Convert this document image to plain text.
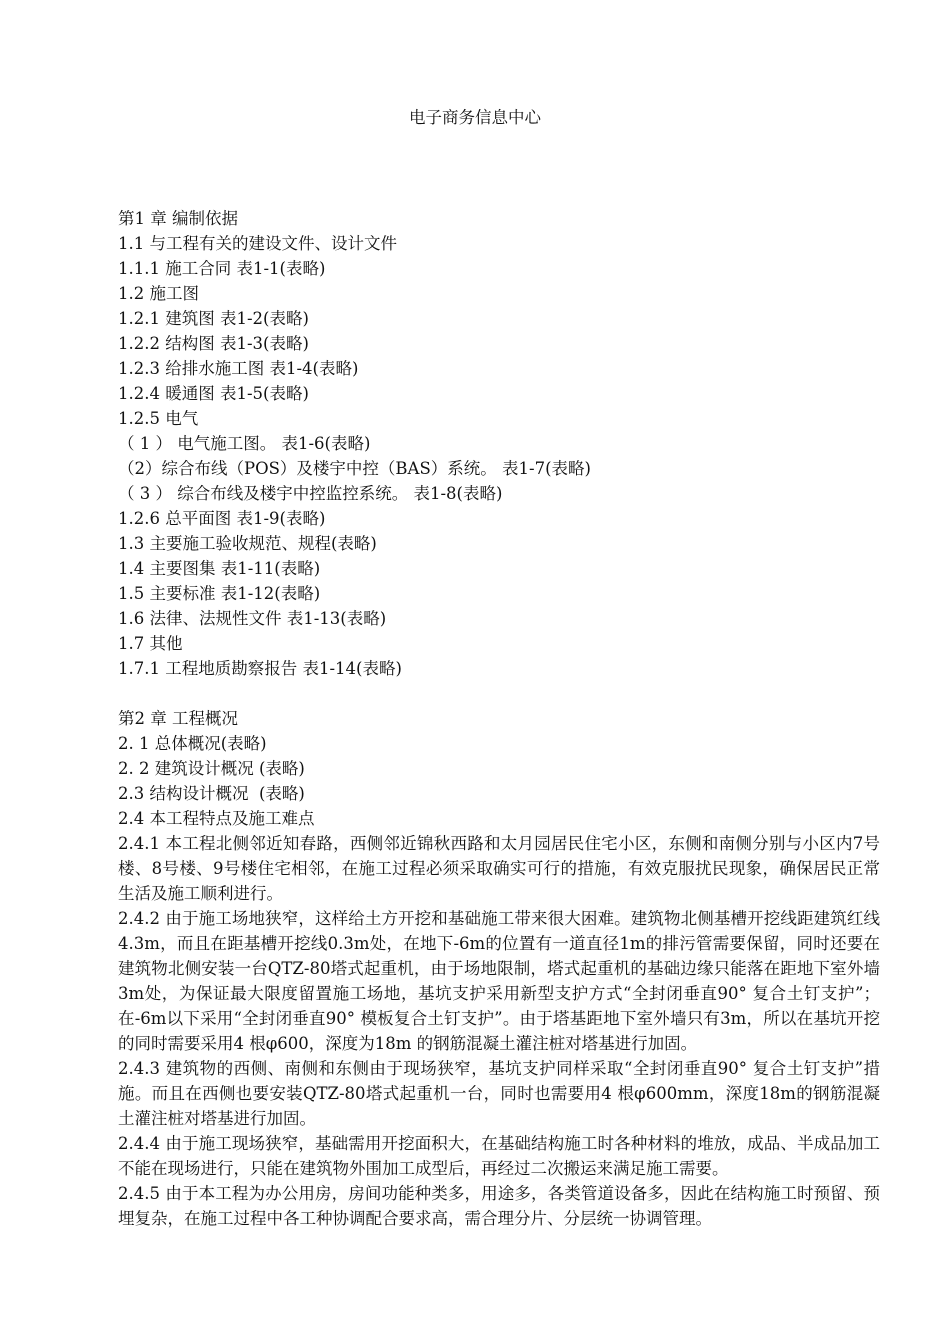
电子商务信息中心
第1 章 编制依据
1.1 与工程有关的建设文件、设计文件
1.1.1 施工合同 表1-1(表略)
1.2 施工图
1.2.1 建筑图 表1-2(表略)
1.2.2 结构图 表1-3(表略)
1.2.3 给排水施工图 表1-4(表略)
1.2.4 暖通图 表1-5(表略)
1.2.5 电气
（ 1 ） 电气施工图。 表1-6(表略)
（2）综合布线（POS）及楼宇中控（BAS）系统。 表1-7(表略)
（ 3 ） 综合布线及楼宇中控监控系统。 表1-8(表略)
1.2.6 总平面图 表1-9(表略)
1.3 主要施工验收规范、规程(表略)
1.4 主要图集 表1-11(表略)
1.5 主要标准 表1-12(表略)
1.6 法律、法规性文件 表1-13(表略)
1.7 其他
1.7.1 工程地质勘察报告 表1-14(表略)
第2 章 工程概况
2. 1 总体概况(表略)
2. 2 建筑设计概况 (表略)
2.3 结构设计概况  (表略)
2.4 本工程特点及施工难点
2.4.1 本工程北侧邻近知春路，西侧邻近锦秋西路和太月园居民住宅小区，东侧和南侧分别与小区内7号楼、8号楼、9号楼住宅相邻，在施工过程必须采取确实可行的措施，有效克服扰民现象，确保居民正常生活及施工顺利进行。
2.4.2 由于施工场地狭窄，这样给土方开挖和基础施工带来很大困难。建筑物北侧基槽开挖线距建筑红线4.3m，而且在距基槽开挖线0.3m处，在地下-6m的位置有一道直径1m的排污管需要保留，同时还要在建筑物北侧安装一台QTZ-80塔式起重机，由于场地限制，塔式起重机的基础边缘只能落在距地下室外墙3m处，为保证最大限度留置施工场地，基坑支护采用新型支护方式“全封闭垂直90° 复合土钉支护”；在-6m以下采用“全封闭垂直90° 模板复合土钉支护”。由于塔基距地下室外墙只有3m，所以在基坑开挖的同时需要采用4 根φ600，深度为18m 的钢筋混凝土灌注桩对塔基进行加固。
2.4.3 建筑物的西侧、南侧和东侧由于现场狭窄，基坑支护同样采取“全封闭垂直90° 复合土钉支护”措施。而且在西侧也要安装QTZ-80塔式起重机一台，同时也需要用4 根φ600mm，深度18m的钢筋混凝土灌注桩对塔基进行加固。
2.4.4 由于施工现场狭窄，基础需用开挖面积大，在基础结构施工时各种材料的堆放，成品、半成品加工不能在现场进行，只能在建筑物外围加工成型后，再经过二次搬运来满足施工需要。
2.4.5 由于本工程为办公用房，房间功能种类多，用途多，各类管道设备多，因此在结构施工时预留、预埋复杂，在施工过程中各工种协调配合要求高，需合理分片、分层统一协调管理。
